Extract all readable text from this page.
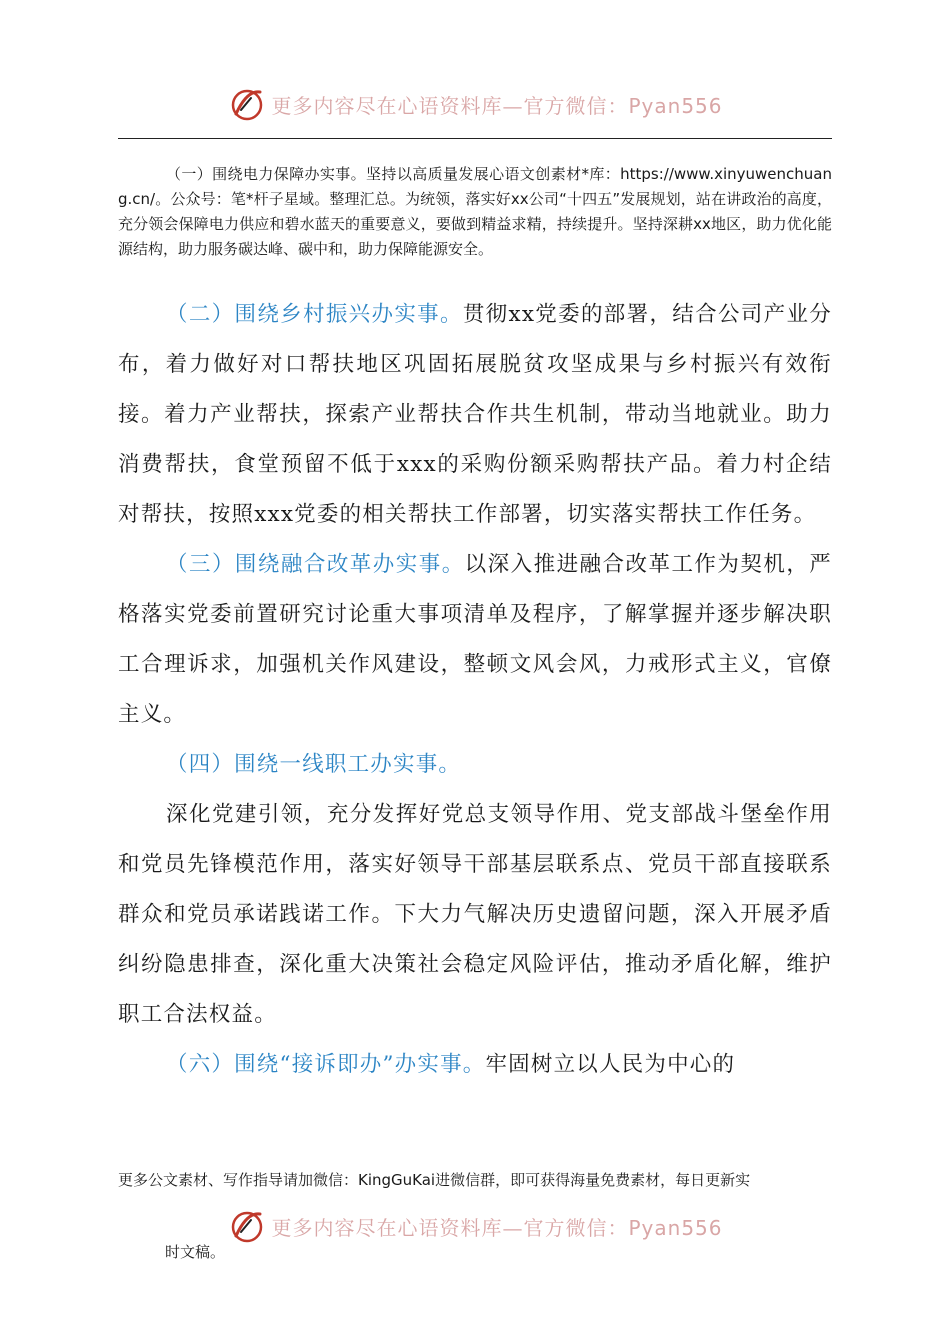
更多内容尽在心语资料库—官方微信：Pyan556

（一）围绕电力保障办实事。坚持以高质量发展心语文创素材*库：https://www.xinyuwenchuang.cn/。公众号：笔*杆子星域。整理汇总。为统领，落实好xx公司“十四五”发展规划，站在讲政治的高度，充分领会保障电力供应和碧水蓝天的重要意义，要做到精益求精，持续提升。坚持深耕xx地区，助力优化能源结构，助力服务碳达峰、碳中和，助力保障能源安全。

（二）围绕乡村振兴办实事。贯彻xx党委的部署，结合公司产业分布，着力做好对口帮扶地区巩固拓展脱贫攻坚成果与乡村振兴有效衔接。着力产业帮扶，探索产业帮扶合作共生机制，带动当地就业。助力消费帮扶，食堂预留不低于xxx的采购份额采购帮扶产品。着力村企结对帮扶，按照xxx党委的相关帮扶工作部署，切实落实帮扶工作任务。

（三）围绕融合改革办实事。以深入推进融合改革工作为契机，严格落实党委前置研究讨论重大事项清单及程序，了解掌握并逐步解决职工合理诉求，加强机关作风建设，整顿文风会风，力戒形式主义，官僚主义。

（四）围绕一线职工办实事。

深化党建引领，充分发挥好党总支领导作用、党支部战斗堡垒作用和党员先锋模范作用，落实好领导干部基层联系点、党员干部直接联系群众和党员承诺践诺工作。下大力气解决历史遗留问题，深入开展矛盾纠纷隐患排查，深化重大决策社会稳定风险评估，推动矛盾化解，维护职工合法权益。

（六）围绕“接诉即办”办实事。牢固树立以人民为中心的

更多公文素材、写作指导请加微信：KingGuKai进微信群，即可获得海量免费素材，每日更新实

更多内容尽在心语资料库—官方微信：Pyan556

时文稿。
